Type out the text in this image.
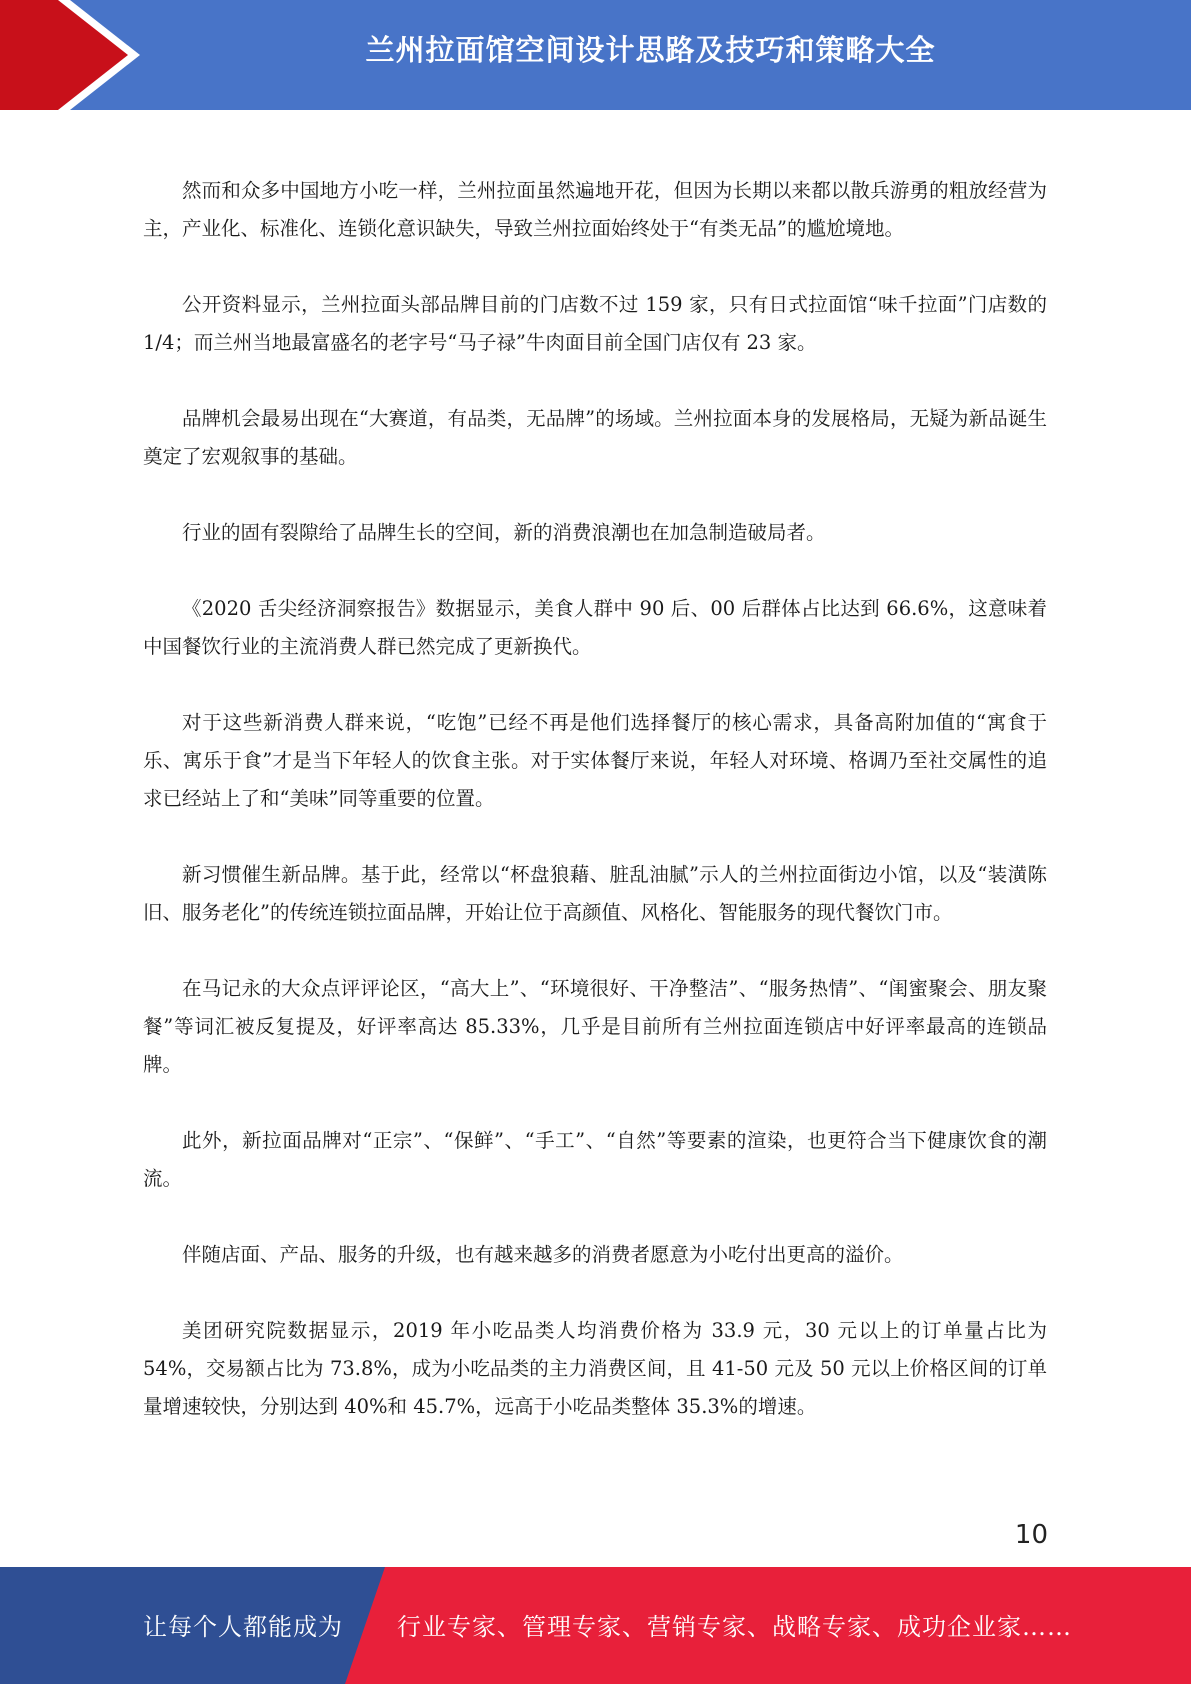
兰州拉面馆空间设计思路及技巧和策略大全

然而和众多中国地方小吃一样，兰州拉面虽然遍地开花，但因为长期以来都以散兵游勇的粗放经营为主，产业化、标准化、连锁化意识缺失，导致兰州拉面始终处于“有类无品”的尴尬境地。

公开资料显示，兰州拉面头部品牌目前的门店数不过 159 家，只有日式拉面馆“味千拉面”门店数的 1/4；而兰州当地最富盛名的老字号“马子禄”牛肉面目前全国门店仅有 23 家。

品牌机会最易出现在“大赛道，有品类，无品牌”的场域。兰州拉面本身的发展格局，无疑为新品诞生奠定了宏观叙事的基础。

行业的固有裂隙给了品牌生长的空间，新的消费浪潮也在加急制造破局者。

《2020 舌尖经济洞察报告》数据显示，美食人群中 90 后、00 后群体占比达到 66.6%，这意味着中国餐饮行业的主流消费人群已然完成了更新换代。

对于这些新消费人群来说，“吃饱”已经不再是他们选择餐厅的核心需求，具备高附加值的“寓食于乐、寓乐于食”才是当下年轻人的饮食主张。对于实体餐厅来说，年轻人对环境、格调乃至社交属性的追求已经站上了和“美味”同等重要的位置。

新习惯催生新品牌。基于此，经常以“杯盘狼藉、脏乱油腻”示人的兰州拉面街边小馆，以及“装潢陈旧、服务老化”的传统连锁拉面品牌，开始让位于高颜值、风格化、智能服务的现代餐饮门市。

在马记永的大众点评评论区，“高大上”、“环境很好、干净整洁”、“服务热情”、“闺蜜聚会、朋友聚餐”等词汇被反复提及，好评率高达 85.33%，几乎是目前所有兰州拉面连锁店中好评率最高的连锁品牌。

此外，新拉面品牌对“正宗”、“保鲜”、“手工”、“自然”等要素的渲染，也更符合当下健康饮食的潮流。

伴随店面、产品、服务的升级，也有越来越多的消费者愿意为小吃付出更高的溢价。

美团研究院数据显示，2019 年小吃品类人均消费价格为 33.9 元，30 元以上的订单量占比为 54%，交易额占比为 73.8%，成为小吃品类的主力消费区间，且 41-50 元及 50 元以上价格区间的订单量增速较快，分别达到 40%和 45.7%，远高于小吃品类整体 35.3%的增速。

10
让每个人都能成为 行业专家、管理专家、营销专家、战略专家、成功企业家……
